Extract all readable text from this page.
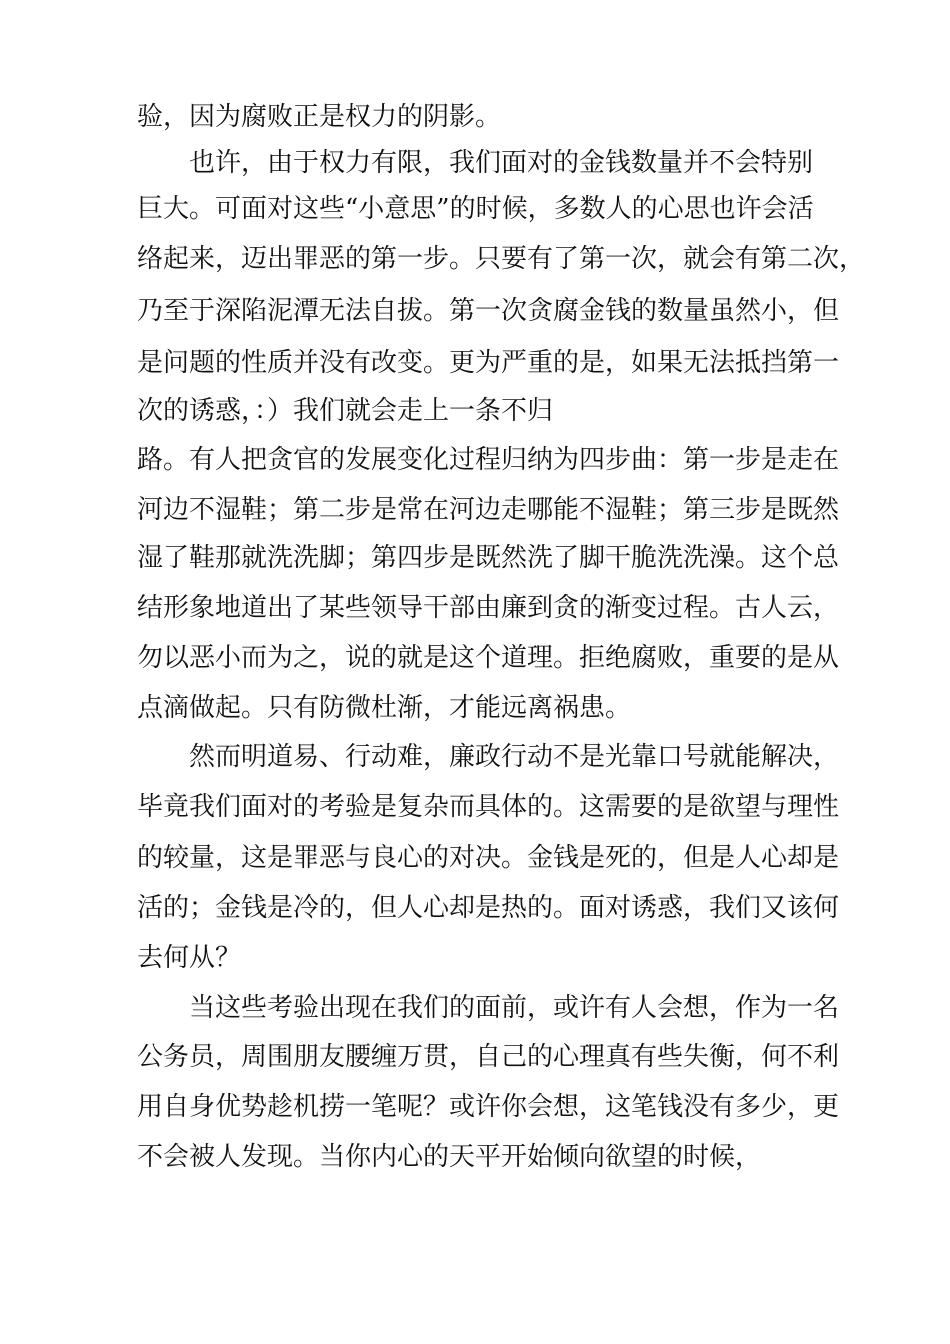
验，因为腐败正是权力的阴影。
也许，由于权力有限，我们面对的金钱数量并不会特别
巨大。可面对这些“小意思”的时候，多数人的心思也许会活
络起来，迈出罪恶的第一步。只要有了第一次，就会有第二次，
乃至于深陷泥潭无法自拔。第一次贪腐金钱的数量虽然小，但
是问题的性质并没有改变。更为严重的是，如果无法抵挡第一
次的诱惑，：）我们就会走上一条不归
路。有人把贪官的发展变化过程归纳为四步曲：第一步是走在
河边不湿鞋；第二步是常在河边走哪能不湿鞋；第三步是既然
湿了鞋那就洗洗脚；第四步是既然洗了脚干脆洗洗澡。这个总
结形象地道出了某些领导干部由廉到贪的渐变过程。古人云，
勿以恶小而为之，说的就是这个道理。拒绝腐败，重要的是从
点滴做起。只有防微杜渐，才能远离祸患。
然而明道易、行动难，廉政行动不是光靠口号就能解决，
毕竟我们面对的考验是复杂而具体的。这需要的是欲望与理性
的较量，这是罪恶与良心的对决。金钱是死的，但是人心却是
活的；金钱是冷的，但人心却是热的。面对诱惑，我们又该何
去何从？
当这些考验出现在我们的面前，或许有人会想，作为一名
公务员，周围朋友腰缠万贯，自己的心理真有些失衡，何不利
用自身优势趁机捞一笔呢？或许你会想，这笔钱没有多少，更
不会被人发现。当你内心的天平开始倾向欲望的时候，
